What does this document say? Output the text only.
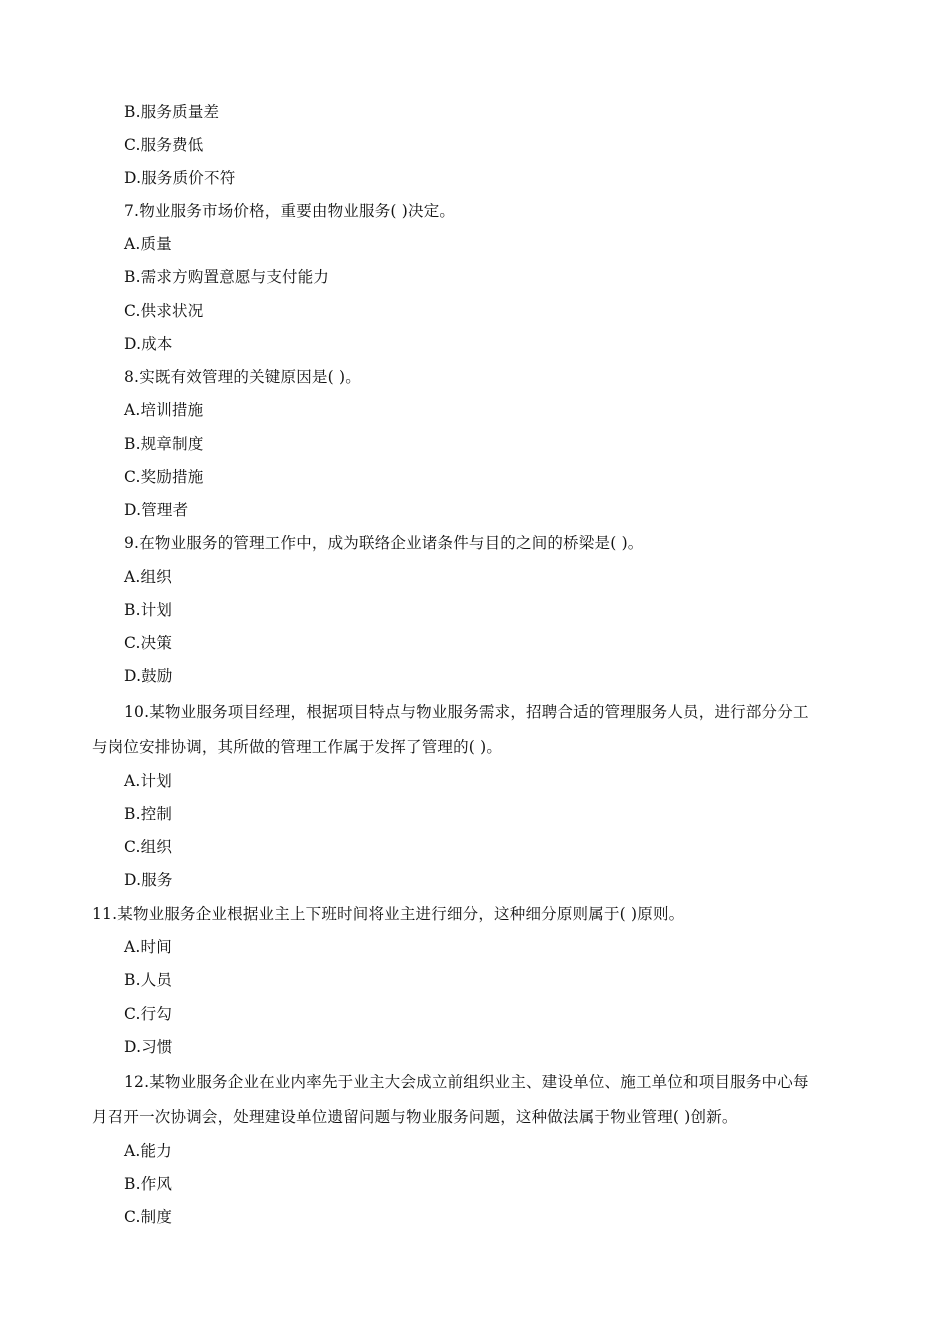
B.服务质量差
C.服务费低
D.服务质价不符
7.物业服务市场价格，重要由物业服务( )决定。
A.质量
B.需求方购置意愿与支付能力
C.供求状况
D.成本
8.实既有效管理的关键原因是( )。
A.培训措施
B.规章制度
C.奖励措施
D.管理者
9.在物业服务的管理工作中，成为联络企业诸条件与目的之间的桥梁是( )。
A.组织
B.计划
C.决策
D.鼓励
10.某物业服务项目经理，根据项目特点与物业服务需求，招聘合适的管理服务人员，进行部分分工
与岗位安排协调，其所做的管理工作属于发挥了管理的( )。
A.计划
B.控制
C.组织
D.服务
11.某物业服务企业根据业主上下班时间将业主进行细分，这种细分原则属于( )原则。
A.时间
B.人员
C.行勾
D.习惯
12.某物业服务企业在业内率先于业主大会成立前组织业主、建设单位、施工单位和项目服务中心每
月召开一次协调会，处理建设单位遗留问题与物业服务问题，这种做法属于物业管理( )创新。
A.能力
B.作风
C.制度
